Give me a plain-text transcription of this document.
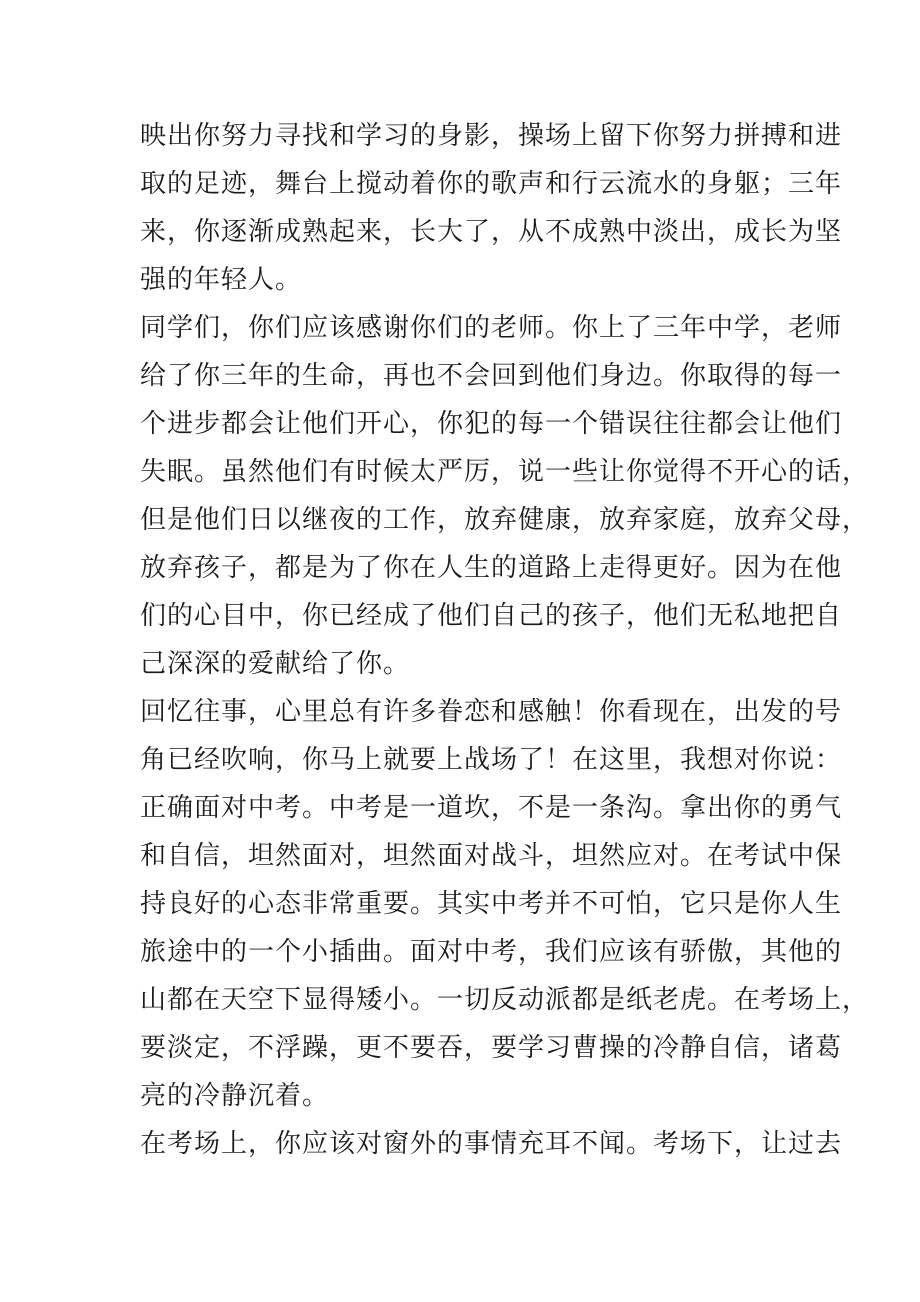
映出你努力寻找和学习的身影，操场上留下你努力拼搏和进
取的足迹，舞台上搅动着你的歌声和行云流水的身躯；三年
来，你逐渐成熟起来，长大了，从不成熟中淡出，成长为坚
强的年轻人。
同学们，你们应该感谢你们的老师。你上了三年中学，老师
给了你三年的生命，再也不会回到他们身边。你取得的每一
个进步都会让他们开心，你犯的每一个错误往往都会让他们
失眠。虽然他们有时候太严厉，说一些让你觉得不开心的话，
但是他们日以继夜的工作，放弃健康，放弃家庭，放弃父母，
放弃孩子，都是为了你在人生的道路上走得更好。因为在他
们的心目中，你已经成了他们自己的孩子，他们无私地把自
己深深的爱献给了你。
回忆往事，心里总有许多眷恋和感触！你看现在，出发的号
角已经吹响，你马上就要上战场了！在这里，我想对你说：
正确面对中考。中考是一道坎，不是一条沟。拿出你的勇气
和自信，坦然面对，坦然面对战斗，坦然应对。在考试中保
持良好的心态非常重要。其实中考并不可怕，它只是你人生
旅途中的一个小插曲。面对中考，我们应该有骄傲，其他的
山都在天空下显得矮小。一切反动派都是纸老虎。在考场上，
要淡定，不浮躁，更不要吞，要学习曹操的冷静自信，诸葛
亮的冷静沉着。
在考场上，你应该对窗外的事情充耳不闻。考场下，让过去
